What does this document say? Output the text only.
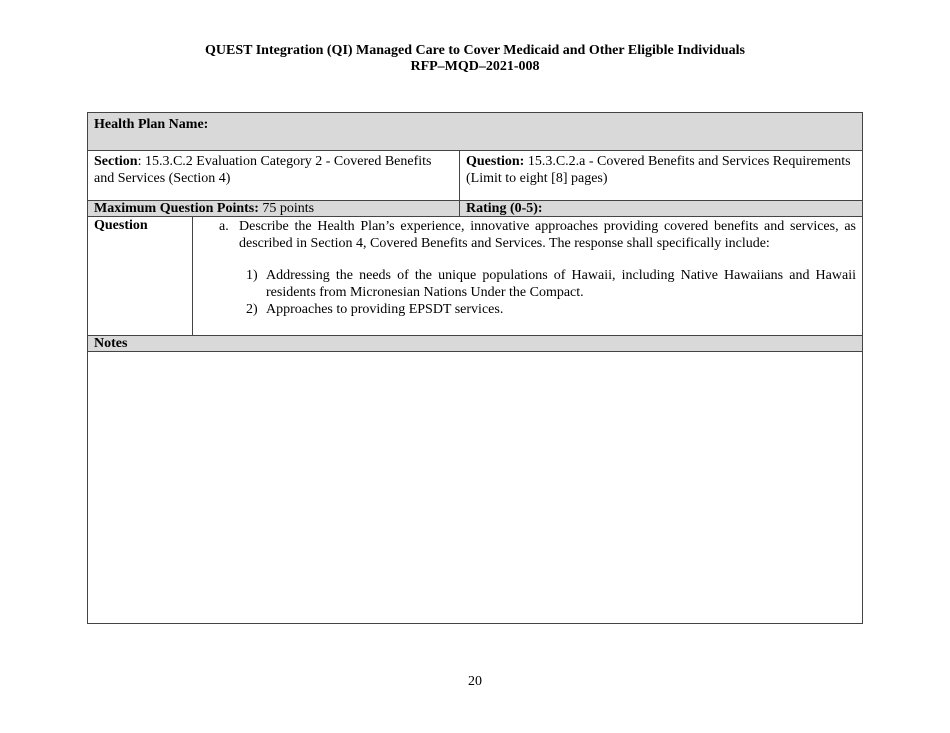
QUEST Integration (QI) Managed Care to Cover Medicaid and Other Eligible Individuals
RFP–MQD–2021-008
Health Plan Name:
Section: 15.3.C.2 Evaluation Category 2 - Covered Benefits and Services (Section 4)
Question: 15.3.C.2.a - Covered Benefits and Services Requirements (Limit to eight [8] pages)
Maximum Question Points: 75 points	Rating (0-5):
Question	a. Describe the Health Plan’s experience, innovative approaches providing covered benefits and services, as described in Section 4, Covered Benefits and Services. The response shall specifically include:
1) Addressing the needs of the unique populations of Hawaii, including Native Hawaiians and Hawaii residents from Micronesian Nations Under the Compact.
2) Approaches to providing EPSDT services.
Notes
20
